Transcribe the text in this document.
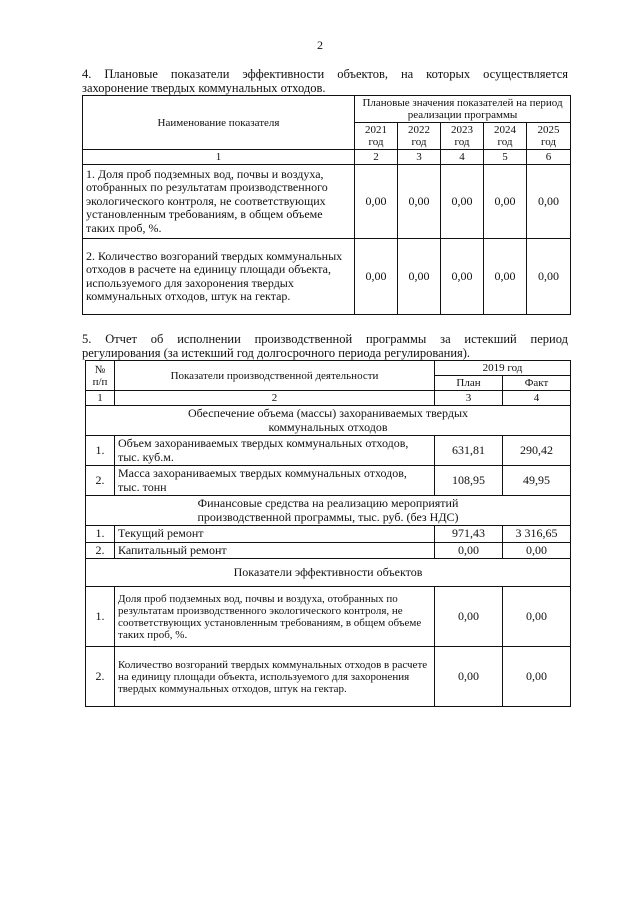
2
4. Плановые показатели эффективности объектов, на которых осуществляется
захоронение твердых коммунальных отходов.
Наименование показателя	Плановые значения показателей на период реализации программы				
	2021 год	2022 год	2023 год	2024 год	2025 год
1	2	3	4	5	6
1. Доля проб подземных вод, почвы и воздуха, отобранных по результатам производственного экологического контроля, не соответствующих установленным требованиям, в общем объеме таких проб, %.	0,00	0,00	0,00	0,00	0,00
2. Количество возгораний твердых коммунальных отходов в расчете на единицу площади объекта, используемого для захоронения твердых коммунальных отходов, штук на гектар.	0,00	0,00	0,00	0,00	0,00
5. Отчет об исполнении производственной программы за истекший период
регулирования (за истекший год долгосрочного периода регулирования).
№ п/п	Показатели производственной деятельности	2019 год	
		План	Факт
1	2	3	4
Обеспечение объема (массы) захораниваемых твердых коммунальных отходов			
1.	Объем захораниваемых твердых коммунальных отходов, тыс. куб.м.	631,81	290,42
2.	Масса захораниваемых твердых коммунальных отходов, тыс. тонн	108,95	49,95
Финансовые средства на реализацию мероприятий производственной программы, тыс. руб. (без НДС)			
1.	Текущий ремонт	971,43	3 316,65
2.	Капитальный ремонт	0,00	0,00
Показатели эффективности объектов			
1.	Доля проб подземных вод, почвы и воздуха, отобранных по результатам производственного экологического контроля, не соответствующих установленным требованиям, в общем объеме таких проб, %.	0,00	0,00
2.	Количество возгораний твердых коммунальных отходов в расчете на единицу площади объекта, используемого для захоронения твердых коммунальных отходов, штук на гектар.	0,00	0,00
